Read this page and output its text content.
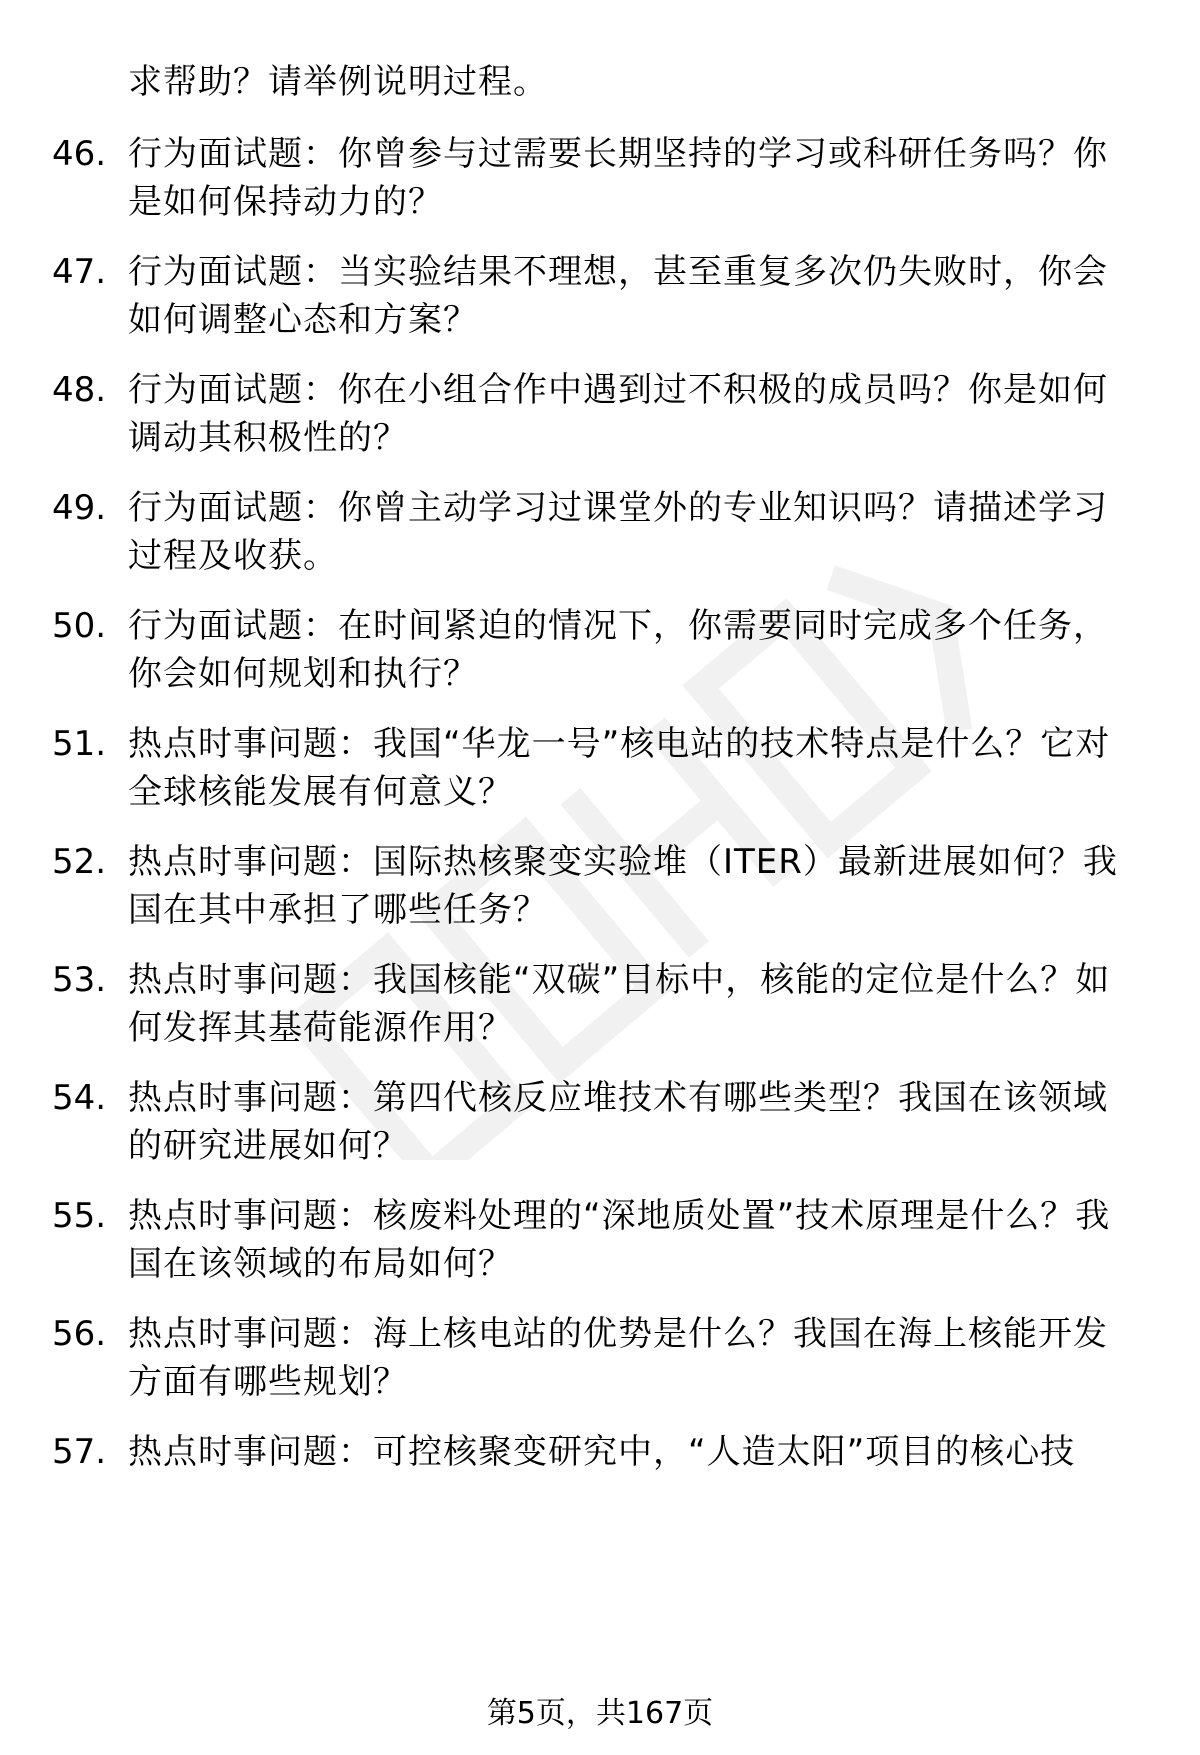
求帮助？请举例说明过程。

46. 行为面试题：你曾参与过需要长期坚持的学习或科研任务吗？你是如何保持动力的？

47. 行为面试题：当实验结果不理想，甚至重复多次仍失败时，你会如何调整心态和方案？

48. 行为面试题：你在小组合作中遇到过不积极的成员吗？你是如何调动其积极性的？

49. 行为面试题：你曾主动学习过课堂外的专业知识吗？请描述学习过程及收获。

50. 行为面试题：在时间紧迫的情况下，你需要同时完成多个任务，你会如何规划和执行？

51. 热点时事问题：我国“华龙一号”核电站的技术特点是什么？它对全球核能发展有何意义？

52. 热点时事问题：国际热核聚变实验堆（ITER）最新进展如何？我国在其中承担了哪些任务？

53. 热点时事问题：我国核能“双碳”目标中，核能的定位是什么？如何发挥其基荷能源作用？

54. 热点时事问题：第四代核反应堆技术有哪些类型？我国在该领域的研究进展如何？

55. 热点时事问题：核废料处理的“深地质处置”技术原理是什么？我国在该领域的布局如何？

56. 热点时事问题：海上核电站的优势是什么？我国在海上核能开发方面有哪些规划？

57. 热点时事问题：可控核聚变研究中，“人造太阳”项目的核心技

第5页，共167页
